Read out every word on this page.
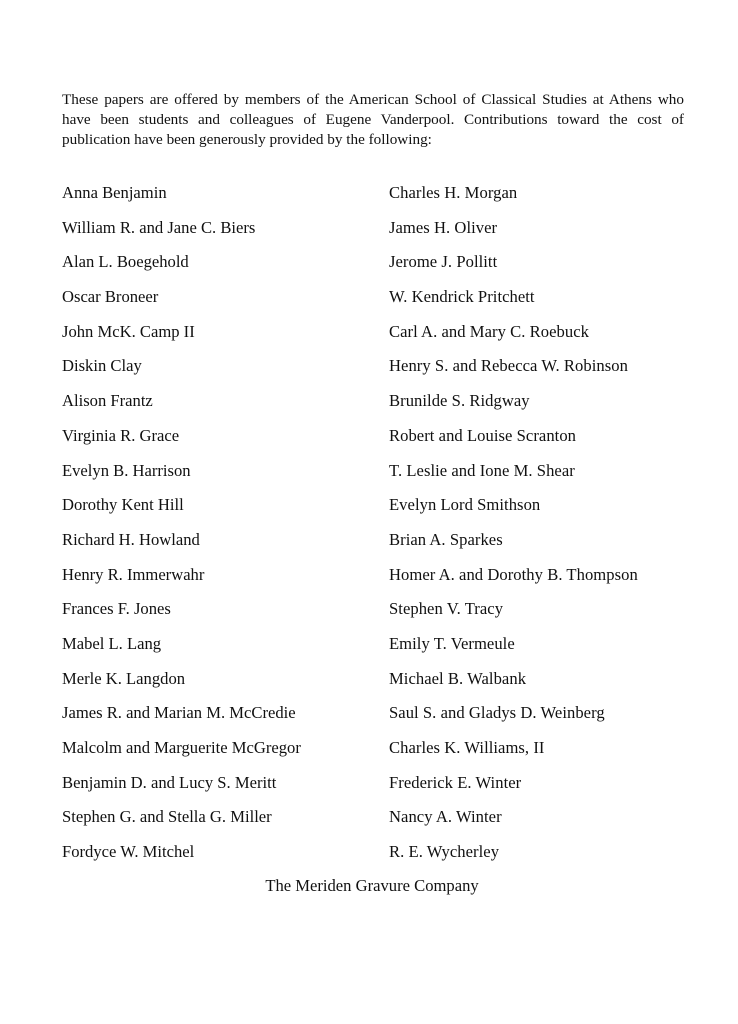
These papers are offered by members of the American School of Classical Studies at Athens who have been students and colleagues of Eugene Vanderpool. Contributions toward the cost of publication have been generously provided by the following:

Anna Benjamin
William R. and Jane C. Biers
Alan L. Boegehold
Oscar Broneer
John McK. Camp II
Diskin Clay
Alison Frantz
Virginia R. Grace
Evelyn B. Harrison
Dorothy Kent Hill
Richard H. Howland
Henry R. Immerwahr
Frances F. Jones
Mabel L. Lang
Merle K. Langdon
James R. and Marian M. McCredie
Malcolm and Marguerite McGregor
Benjamin D. and Lucy S. Meritt
Stephen G. and Stella G. Miller
Fordyce W. Mitchel
Charles H. Morgan
James H. Oliver
Jerome J. Pollitt
W. Kendrick Pritchett
Carl A. and Mary C. Roebuck
Henry S. and Rebecca W. Robinson
Brunilde S. Ridgway
Robert and Louise Scranton
T. Leslie and Ione M. Shear
Evelyn Lord Smithson
Brian A. Sparkes
Homer A. and Dorothy B. Thompson
Stephen V. Tracy
Emily T. Vermeule
Michael B. Walbank
Saul S. and Gladys D. Weinberg
Charles K. Williams, II
Frederick E. Winter
Nancy A. Winter
R. E. Wycherley

The Meriden Gravure Company
